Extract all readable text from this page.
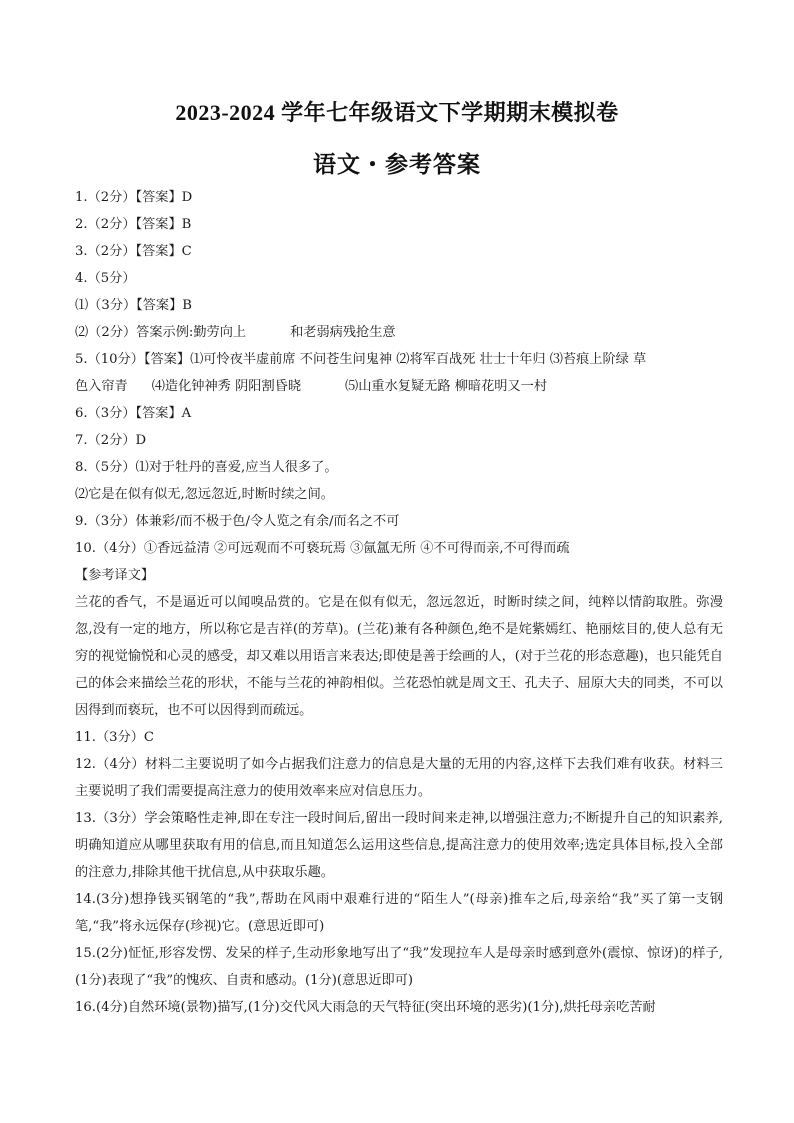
2023-2024 学年七年级语文下学期期末模拟卷
语文・参考答案
1.（2分）【答案】D
2.（2分）【答案】B
3.（2分）【答案】C
4.（5分）
⑴（3分）【答案】B
⑵（2分）答案示例:勤劳向上	和老弱病残抢生意
5.（10分）【答案】⑴可怜夜半虚前席 不问苍生问鬼神 ⑵将军百战死 壮士十年归 ⑶苔痕上阶绿 草
色入帘青 ⑷造化钟神秀 阴阳割昏晓	⑸山重水复疑无路 柳暗花明又一村
6.（3分）【答案】A
7.（2分）D
8.（5分）⑴对于牡丹的喜爱,应当人很多了。
⑵它是在似有似无,忽远忽近,时断时续之间。
9.（3分）体兼彩/而不极于色/令人览之有余/而名之不可
10.（4分）①香远益清 ②可远观而不可亵玩焉 ③氤氲无所 ④不可得而亲,不可得而疏
【参考译文】
兰花的香气，不是逼近可以闻嗅品赏的。它是在似有似无，忽远忽近，时断时续之间，纯粹以情韵取胜。弥漫忽,没有一定的地方，所以称它是吉祥(的芳草)。(兰花)兼有各种颜色,绝不是姹紫嫣红、艳丽炫目的,使人总有无穷的视觉愉悦和心灵的感受，却又难以用语言来表达;即使是善于绘画的人，(对于兰花的形态意趣)，也只能凭自己的体会来描绘兰花的形状，不能与兰花的神韵相似。兰花恐怕就是周文王、孔夫子、屈原大夫的同类，不可以因得到而亵玩，也不可以因得到而疏远。
11.（3分）C
12.（4分）材料二主要说明了如今占据我们注意力的信息是大量的无用的内容,这样下去我们难有收获。材料三主要说明了我们需要提高注意力的使用效率来应对信息压力。
13.（3分）学会策略性走神,即在专注一段时间后,留出一段时间来走神,以增强注意力;不断提升自己的知识素养,明确知道应从哪里获取有用的信息,而且知道怎么运用这些信息,提高注意力的使用效率;选定具体目标,投入全部的注意力,排除其他干扰信息,从中获取乐趣。
14.(3分)想挣钱买钢笔的“我”,帮助在风雨中艰难行进的“陌生人”(母亲)推车之后,母亲给“我”买了第一支钢笔,“我”将永远保存(珍视)它。(意思近即可)
15.(2分)怔怔,形容发愣、发呆的样子,生动形象地写出了“我”发现拉车人是母亲时感到意外(震惊、惊讶)的样子,(1分)表现了“我”的愧疚、自责和感动。(1分)(意思近即可)
16.(4分)自然环境(景物)描写,(1分)交代风大雨急的天气特征(突出环境的恶劣)(1分),烘托母亲吃苦耐
